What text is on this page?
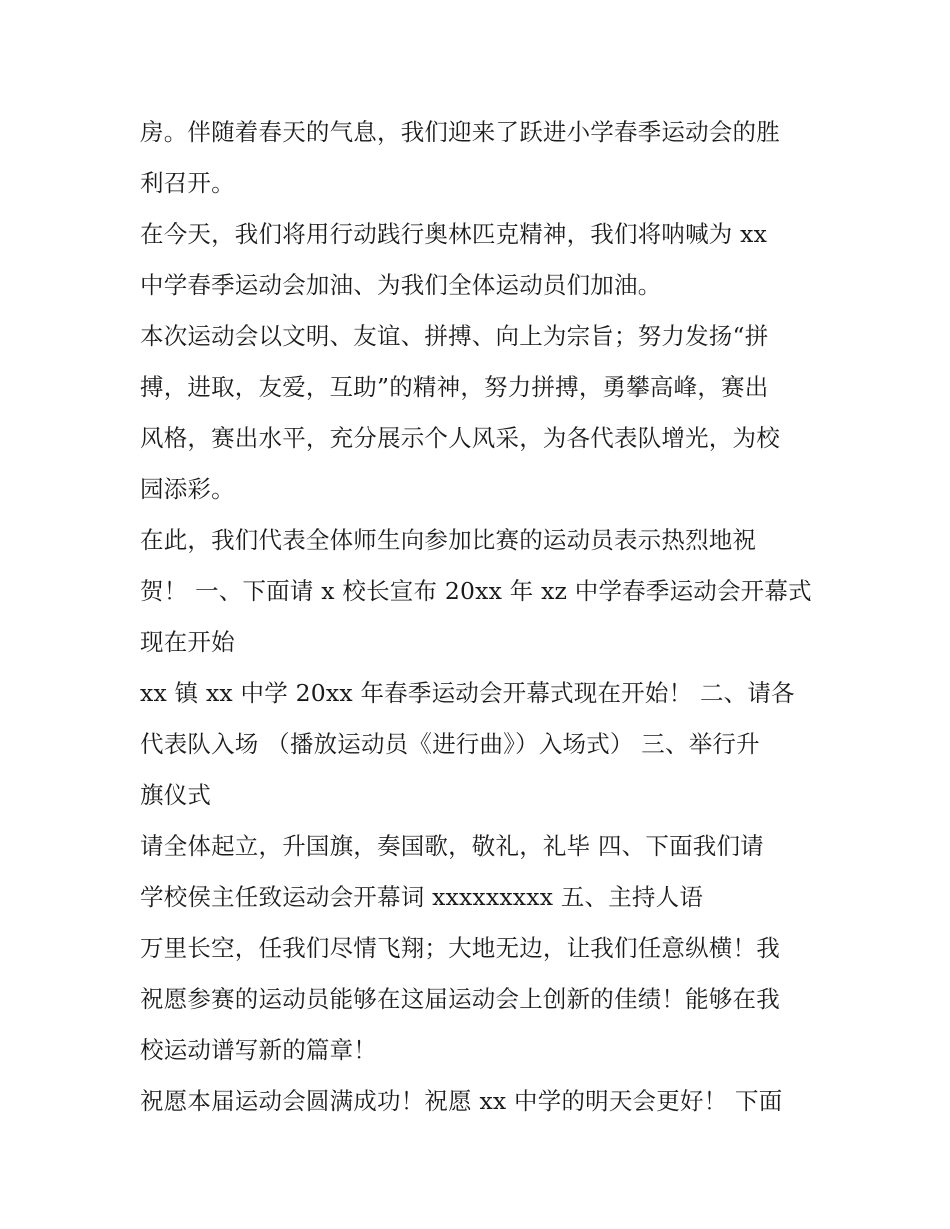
房。伴随着春天的气息，我们迎来了跃进小学春季运动会的胜
利召开。
在今天，我们将用行动践行奥林匹克精神，我们将呐喊为 xx
中学春季运动会加油、为我们全体运动员们加油。
本次运动会以文明、友谊、拼搏、向上为宗旨；努力发扬“拼
搏，进取，友爱，互助”的精神，努力拼搏，勇攀高峰，赛出
风格，赛出水平，充分展示个人风采，为各代表队增光，为校
园添彩。
在此，我们代表全体师生向参加比赛的运动员表示热烈地祝
贺！ 一、下面请 x 校长宣布 20xx 年 xz 中学春季运动会开幕式
现在开始
xx 镇 xx 中学 20xx 年春季运动会开幕式现在开始！ 二、请各
代表队入场 （播放运动员《进行曲》）入场式） 三、举行升
旗仪式
请全体起立，升国旗，奏国歌，敬礼，礼毕 四、下面我们请
学校侯主任致运动会开幕词 xxxxxxxxx 五、主持人语
万里长空，任我们尽情飞翔；大地无边，让我们任意纵横！我
祝愿参赛的运动员能够在这届运动会上创新的佳绩！能够在我
校运动谱写新的篇章！
祝愿本届运动会圆满成功！祝愿 xx 中学的明天会更好！ 下面
